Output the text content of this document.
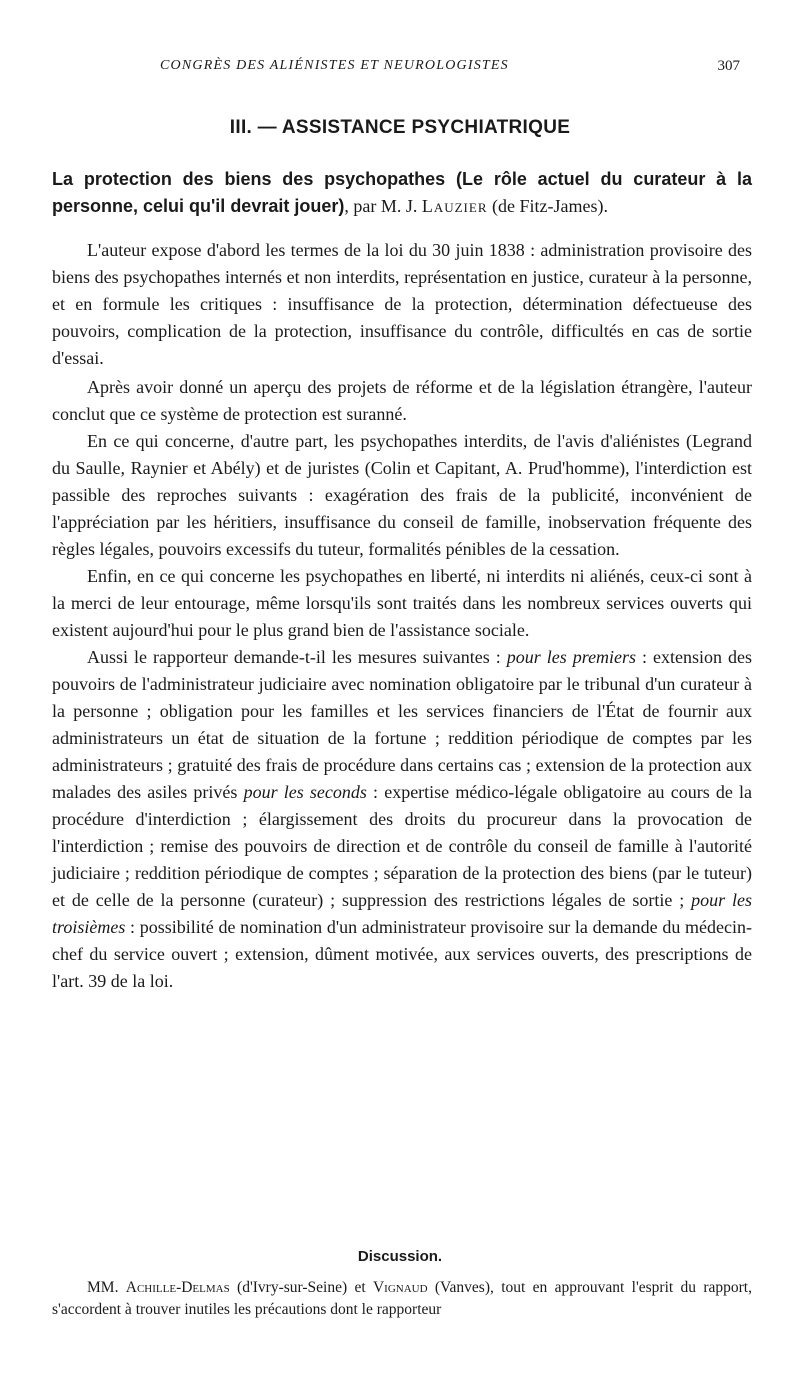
CONGRÈS DES ALIÉNISTES ET NEUROLOGISTES	307
III. — ASSISTANCE PSYCHIATRIQUE

La protection des biens des psychopathes (Le rôle actuel du curateur à la personne, celui qu'il devrait jouer), par M. J. Lauzier (de Fitz-James).

L'auteur expose d'abord les termes de la loi du 30 juin 1838 : administration provisoire des biens des psychopathes internés et non interdits, représentation en justice, curateur à la personne, et en formule les critiques : insuffisance de la protection, détermination défectueuse des pouvoirs, complication de la protection, insuffisance du contrôle, difficultés en cas de sortie d'essai.

Après avoir donné un aperçu des projets de réforme et de la législation étrangère, l'auteur conclut que ce système de protection est suranné.

En ce qui concerne, d'autre part, les psychopathes interdits, de l'avis d'aliénistes (Legrand du Saulle, Raynier et Abély) et de juristes (Colin et Capitant, A. Prud'homme), l'interdiction est passible des reproches suivants : exagération des frais de la publicité, inconvénient de l'appréciation par les héritiers, insuffisance du conseil de famille, inobservation fréquente des règles légales, pouvoirs excessifs du tuteur, formalités pénibles de la cessation.

Enfin, en ce qui concerne les psychopathes en liberté, ni interdits ni aliénés, ceux-ci sont à la merci de leur entourage, même lorsqu'ils sont traités dans les nombreux services ouverts qui existent aujourd'hui pour le plus grand bien de l'assistance sociale.

Aussi le rapporteur demande-t-il les mesures suivantes : pour les premiers : extension des pouvoirs de l'administrateur judiciaire avec nomination obligatoire par le tribunal d'un curateur à la personne ; obligation pour les familles et les services financiers de l'État de fournir aux administrateurs un état de situation de la fortune ; reddition périodique de comptes par les administrateurs ; gratuité des frais de procédure dans certains cas ; extension de la protection aux malades des asiles privés pour les seconds : expertise médico-légale obligatoire au cours de la procédure d'interdiction ; élargissement des droits du procureur dans la provocation de l'interdiction ; remise des pouvoirs de direction et de contrôle du conseil de famille à l'autorité judiciaire ; reddition périodique de comptes ; séparation de la protection des biens (par le tuteur) et de celle de la personne (curateur) ; suppression des restrictions légales de sortie ; pour les troisièmes : possibilité de nomination d'un administrateur provisoire sur la demande du médecin-chef du service ouvert ; extension, dûment motivée, aux services ouverts, des prescriptions de l'art. 39 de la loi.

Discussion.

MM. Achille-Delmas (d'Ivry-sur-Seine) et Vignaud (Vanves), tout en approuvant l'esprit du rapport, s'accordent à trouver inutiles les précautions dont le rapporteur
